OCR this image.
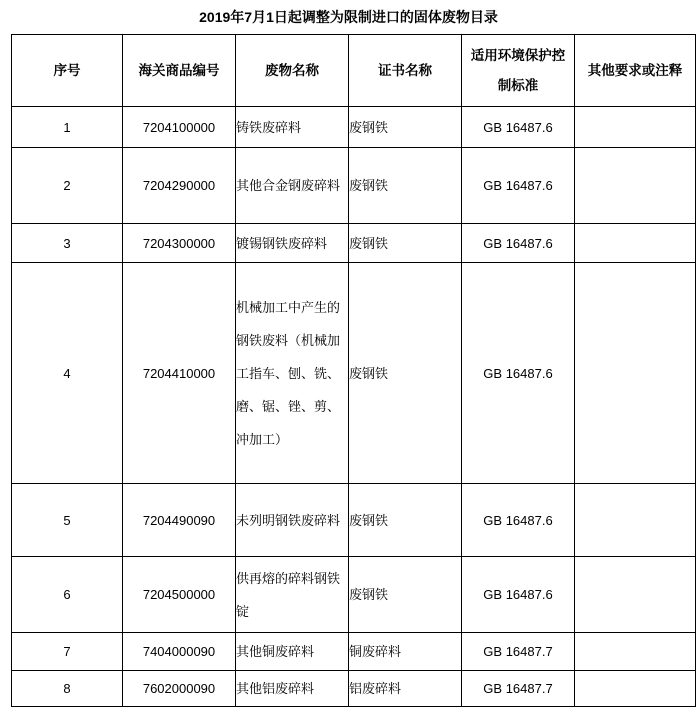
2019年7月1日起调整为限制进口的固体废物目录
序号	海关商品编号	废物名称	证书名称	适用环境保护控制标准	其他要求或注释
1	7204100000	铸铁废碎料	废钢铁	GB 16487.6	
2	7204290000	其他合金钢废碎料	废钢铁	GB 16487.6	
3	7204300000	镀锡钢铁废碎料	废钢铁	GB 16487.6	
4	7204410000	机械加工中产生的钢铁废料（机械加工指车、刨、铣、磨、锯、锉、剪、冲加工）	废钢铁	GB 16487.6	
5	7204490090	未列明钢铁废碎料	废钢铁	GB 16487.6	
6	7204500000	供再熔的碎料钢铁锭	废钢铁	GB 16487.6	
7	7404000090	其他铜废碎料	铜废碎料	GB 16487.7	
8	7602000090	其他铝废碎料	铝废碎料	GB 16487.7	
